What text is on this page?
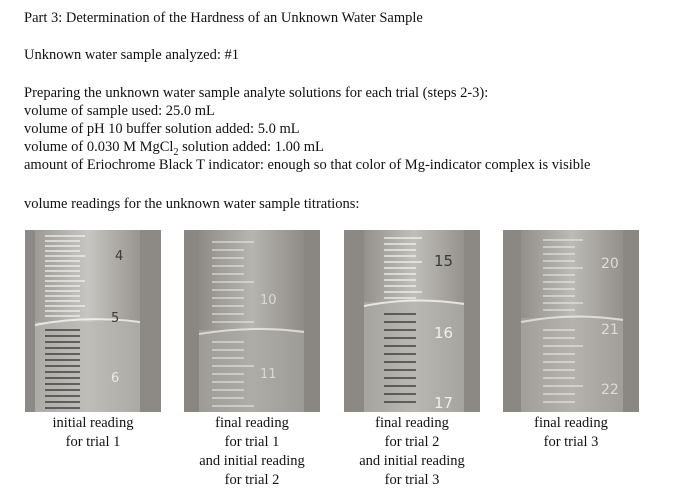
Part 3: Determination of the Hardness of an Unknown Water Sample
Unknown water sample analyzed: #1
Preparing the unknown water sample analyte solutions for each trial (steps 2-3):
volume of sample used: 25.0 mL
volume of pH 10 buffer solution added: 5.0 mL
volume of 0.030 M MgCl$_2$ solution added: 1.00 mL
amount of Eriochrome Black T indicator: enough so that color of Mg-indicator complex is visible
volume readings for the unknown water sample titrations:
4
5
6
initial reading
for trial 1
10
11
final reading
for trial 1
and initial reading
for trial 2
15
16
17
final reading
for trial 2
and initial reading
for trial 3
20
21
22
final reading
for trial 3
